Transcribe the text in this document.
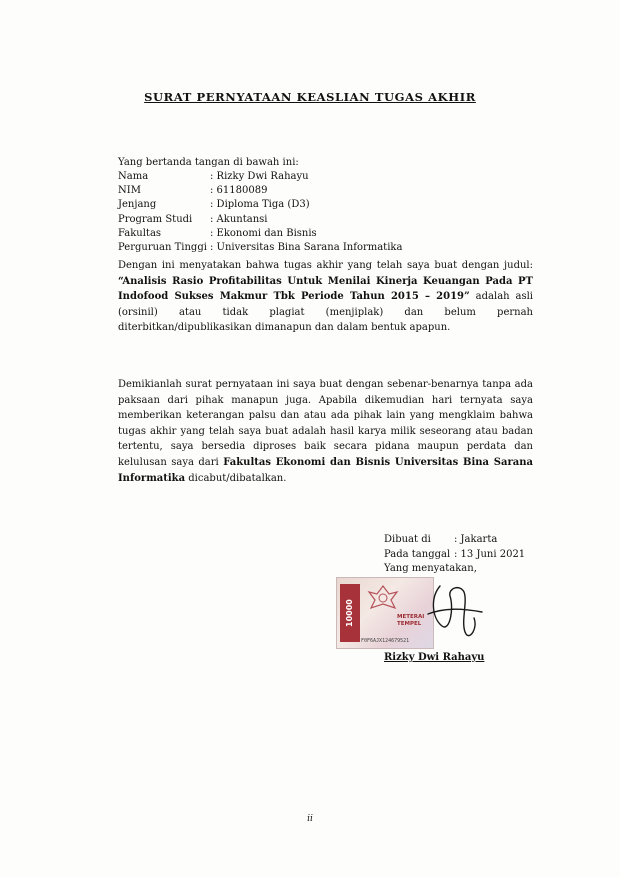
SURAT PERNYATAAN KEASLIAN TUGAS AKHIR
Yang bertanda tangan di bawah ini:
Nama	: Rizky Dwi Rahayu
NIM	: 61180089
Jenjang	: Diploma Tiga (D3)
Program Studi	: Akuntansi
Fakultas	: Ekonomi dan Bisnis
Perguruan Tinggi	: Universitas Bina Sarana Informatika

Dengan ini menyatakan bahwa tugas akhir yang telah saya buat dengan judul: “Analisis Rasio Profitabilitas Untuk Menilai Kinerja Keuangan Pada PT Indofood Sukses Makmur Tbk Periode Tahun 2015 – 2019” adalah asli (orsinil) atau tidak plagiat (menjiplak) dan belum pernah diterbitkan/dipublikasikan dimanapun dan dalam bentuk apapun.

Demikianlah surat pernyataan ini saya buat dengan sebenar-benarnya tanpa ada paksaan dari pihak manapun juga. Apabila dikemudian hari ternyata saya memberikan keterangan palsu dan atau ada pihak lain yang mengklaim bahwa tugas akhir yang telah saya buat adalah hasil karya milik seseorang atau badan tertentu, saya bersedia diproses baik secara pidana maupun perdata dan kelulusan saya dari Fakultas Ekonomi dan Bisnis Universitas Bina Sarana Informatika dicabut/dibatalkan.

Dibuat di : Jakarta
Pada tanggal : 13 Juni 2021
Yang menyatakan,
10000	METERAI
TEMPEL
F0F6AJX124679521
Rizky Dwi Rahayu
ii
